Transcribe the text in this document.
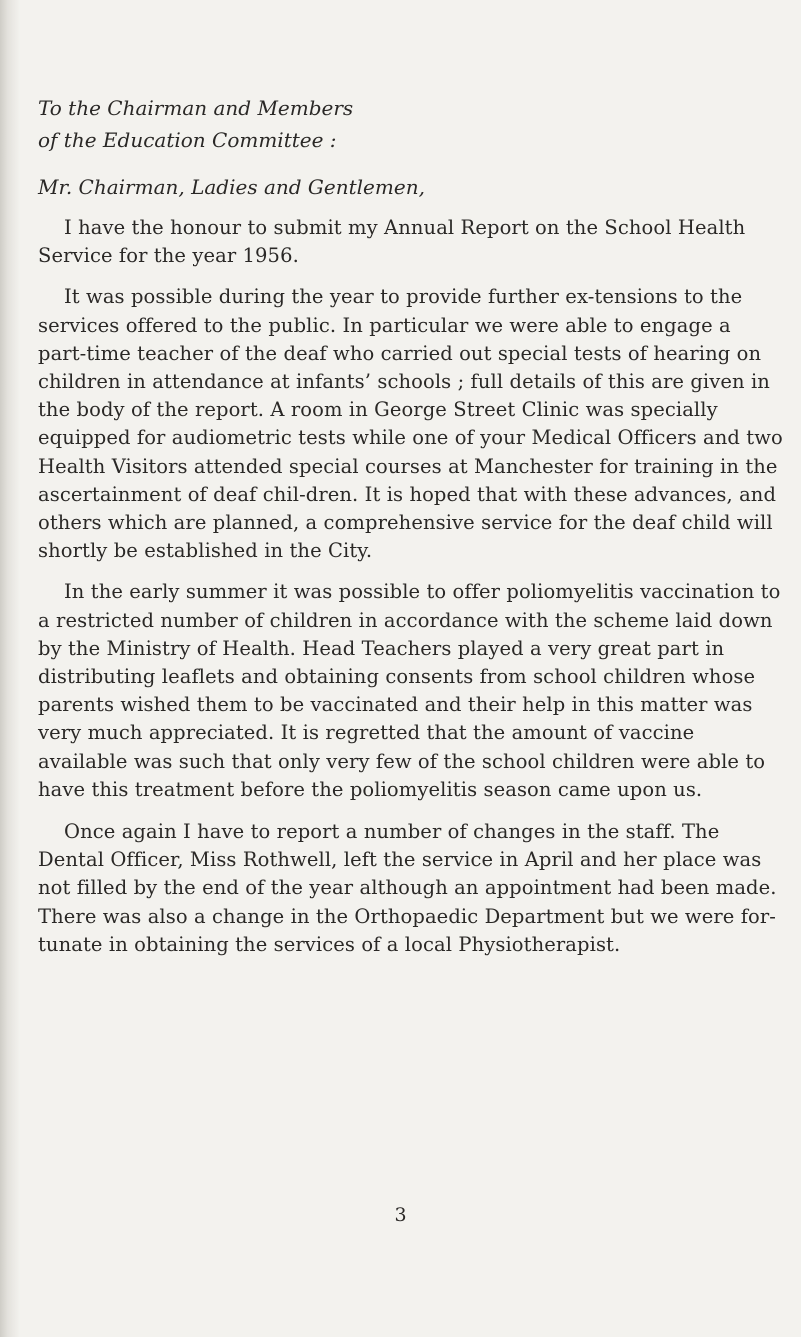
To the Chairman and Members

of the Education Committee :

Mr. Chairman, Ladies and Gentlemen,

I have the honour to submit my Annual Report on the School Health Service for the year 1956.

It was possible during the year to provide further ex-tensions to the services offered to the public. In particular we were able to engage a part-time teacher of the deaf who carried out special tests of hearing on children in attendance at infants’ schools ; full details of this are given in the body of the report. A room in George Street Clinic was specially equipped for audiometric tests while one of your Medical Officers and two Health Visitors attended special courses at Manchester for training in the ascertainment of deaf chil-dren. It is hoped that with these advances, and others which are planned, a comprehensive service for the deaf child will shortly be established in the City.

In the early summer it was possible to offer poliomyelitis vaccination to a restricted number of children in accordance with the scheme laid down by the Ministry of Health. Head Teachers played a very great part in distributing leaflets and obtaining consents from school children whose parents wished them to be vaccinated and their help in this matter was very much appreciated. It is regretted that the amount of vaccine available was such that only very few of the school children were able to have this treatment before the poliomyelitis season came upon us.

Once again I have to report a number of changes in the staff. The Dental Officer, Miss Rothwell, left the service in April and her place was not filled by the end of the year although an appointment had been made. There was also a change in the Orthopaedic Department but we were for-tunate in obtaining the services of a local Physiotherapist.

3
